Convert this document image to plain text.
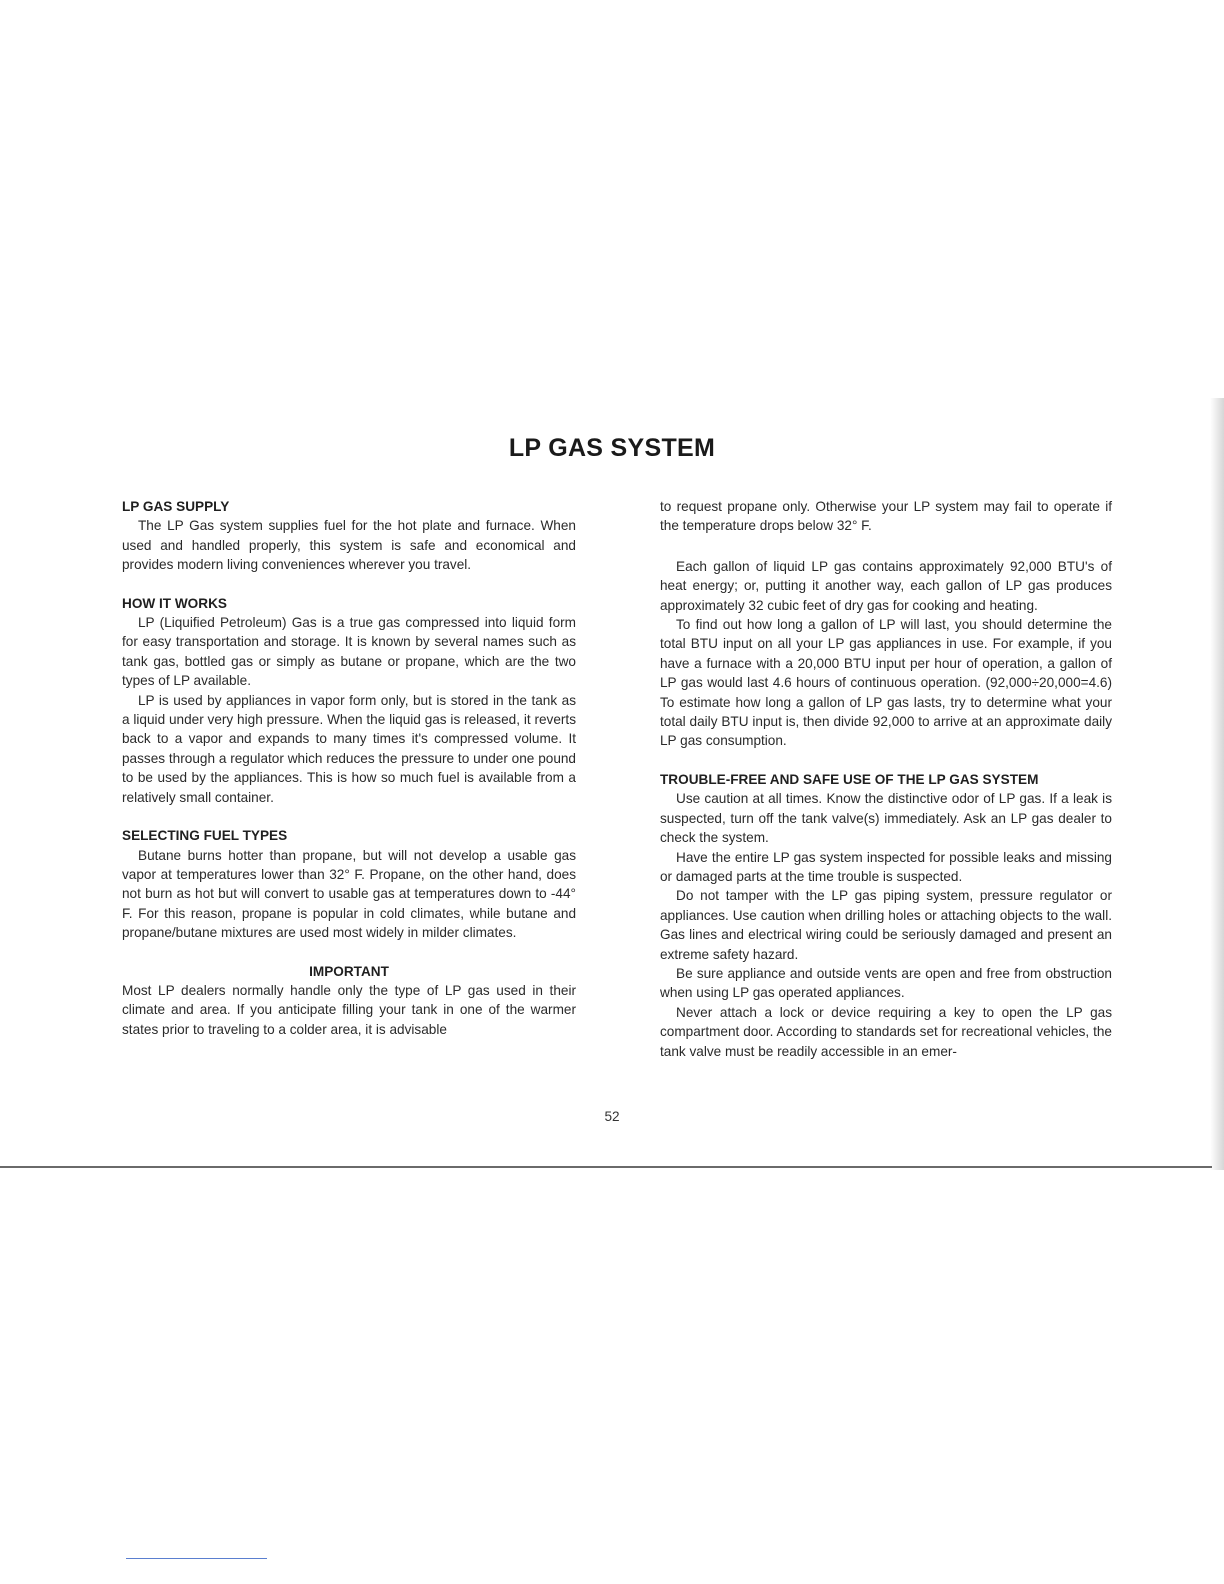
LP GAS SYSTEM
LP GAS SUPPLY

The LP Gas system supplies fuel for the hot plate and furnace. When used and handled properly, this system is safe and economical and provides modern living conveniences wherever you travel.

HOW IT WORKS

LP (Liquified Petroleum) Gas is a true gas compressed into liquid form for easy transportation and storage. It is known by several names such as tank gas, bottled gas or simply as butane or propane, which are the two types of LP available.

LP is used by appliances in vapor form only, but is stored in the tank as a liquid under very high pressure. When the liquid gas is released, it reverts back to a vapor and expands to many times it's compressed volume. It passes through a regulator which reduces the pressure to under one pound to be used by the appliances. This is how so much fuel is available from a relatively small container.

SELECTING FUEL TYPES

Butane burns hotter than propane, but will not develop a usable gas vapor at temperatures lower than 32° F. Propane, on the other hand, does not burn as hot but will convert to usable gas at temperatures down to -44° F. For this reason, propane is popular in cold climates, while butane and propane/butane mixtures are used most widely in milder climates.

IMPORTANT

Most LP dealers normally handle only the type of LP gas used in their climate and area. If you anticipate filling your tank in one of the warmer states prior to traveling to a colder area, it is advisable

to request propane only. Otherwise your LP system may fail to operate if the temperature drops below 32° F.

Each gallon of liquid LP gas contains approximately 92,000 BTU's of heat energy; or, putting it another way, each gallon of LP gas produces approximately 32 cubic feet of dry gas for cooking and heating.

To find out how long a gallon of LP will last, you should determine the total BTU input on all your LP gas appliances in use. For example, if you have a furnace with a 20,000 BTU input per hour of operation, a gallon of LP gas would last 4.6 hours of continuous operation. (92,000÷20,000=4.6) To estimate how long a gallon of LP gas lasts, try to determine what your total daily BTU input is, then divide 92,000 to arrive at an approximate daily LP gas consumption.

TROUBLE-FREE AND SAFE USE OF THE LP GAS SYSTEM

Use caution at all times. Know the distinctive odor of LP gas. If a leak is suspected, turn off the tank valve(s) immediately. Ask an LP gas dealer to check the system.

Have the entire LP gas system inspected for possible leaks and missing or damaged parts at the time trouble is suspected.

Do not tamper with the LP gas piping system, pressure regulator or appliances. Use caution when drilling holes or attaching objects to the wall. Gas lines and electrical wiring could be seriously damaged and present an extreme safety hazard.

Be sure appliance and outside vents are open and free from obstruction when using LP gas operated appliances.

Never attach a lock or device requiring a key to open the LP gas compartment door. According to standards set for recreational vehicles, the tank valve must be readily accessible in an emer-

52
